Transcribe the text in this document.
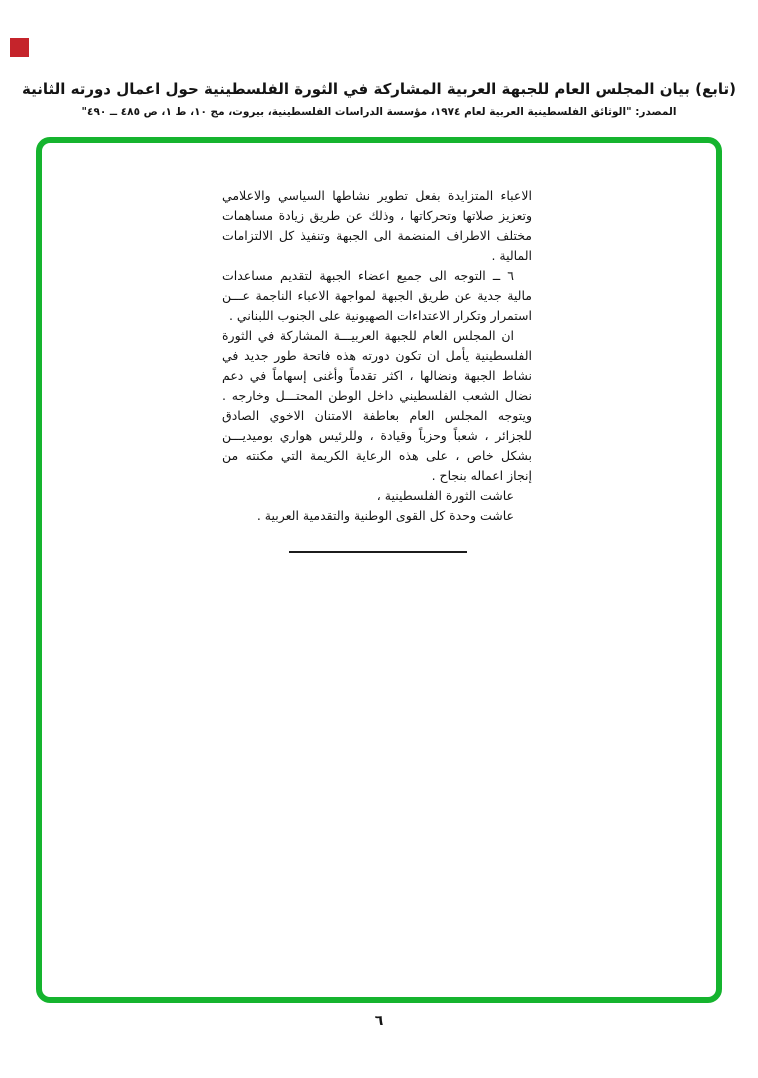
(تابع) بيان المجلس العام للجبهة العربية المشاركة في الثورة الفلسطينية حول اعمال دورته الثانية
المصدر: "الوثائق الفلسطينية العربية لعام ١٩٧٤، مؤسسة الدراسات الفلسطينية، بيروت، مج ١٠، ط ١، ص ٤٨٥ ــ ٤٩٠"
الاعباء المتزايدة بفعل تطوير نشاطها السياسي والاعلامي
وتعزيز صلاتها وتحركاتها ، وذلك عن طريق زيادة مساهمات
مختلف الاطراف المنضمة الى الجبهة وتنفيذ كل الالتزامات
المالية .
٦ ــ التوجه الى جميع اعضاء الجبهة لتقديم مساعدات
مالية جدية عن طريق الجبهة لمواجهة الاعباء الناجمة عـــن
استمرار وتكرار الاعتداءات الصهيونية على الجنوب اللبناني .
ان المجلس العام للجبهة العربيـــة المشاركة في الثورة
الفلسطينية يأمل ان تكون دورته هذه فاتحة طور جديد في
نشاط الجبهة ونضالها ، اكثر تقدماً وأغنى إسهاماً في دعم
نضال الشعب الفلسطيني داخل الوطن المحتـــل وخارجه .
ويتوجه المجلس العام بعاطفة الامتنان الاخوي الصادق
للجزائر ، شعباً وحزباً وقيادة ، وللرئيس هواري بوميديـــن
بشكل خاص ، على هذه الرعاية الكريمة التي مكنته من
إنجاز اعماله بنجاح .
عاشت الثورة الفلسطينية ،
عاشت وحدة كل القوى الوطنية والتقدمية العربية .
٦
